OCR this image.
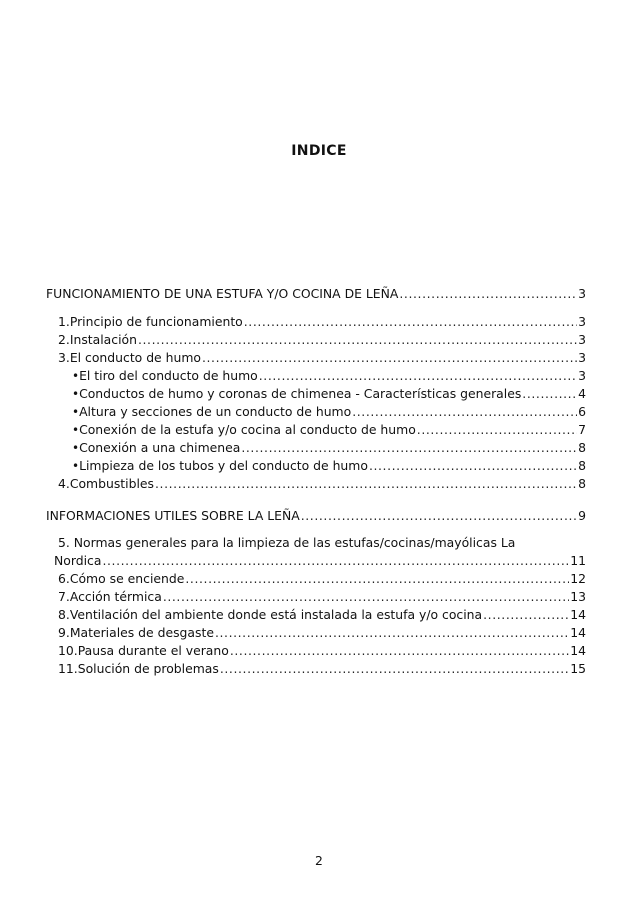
INDICE
FUNCIONAMIENTO DE UNA ESTUFA Y/O COCINA DE LEÑA .....	3
1. Principio de funcionamiento .....	3
2. Instalación .....	3
3. El conducto de humo .....	3
• El tiro del conducto de humo .....	3
• Conductos de humo y coronas de chimenea - Características generales .....	4
• Altura y secciones de un conducto de humo .....	6
• Conexión de la estufa y/o cocina al conducto de humo .....	7
• Conexión a una chimenea .....	8
• Limpieza de los tubos y del conducto de humo .....	8
4. Combustibles .....	8
INFORMACIONES UTILES SOBRE LA LEÑA .....	9
5. Normas generales para la limpieza de las estufas/cocinas/mayólicas La
Nordica .....	11
6. Cómo se enciende .....	12
7. Acción térmica .....	13
8. Ventilación del ambiente donde está instalada la estufa y/o cocina .....	14
9. Materiales de desgaste .....	14
10. Pausa durante el verano .....	14
11. Solución de problemas .....	15
2
